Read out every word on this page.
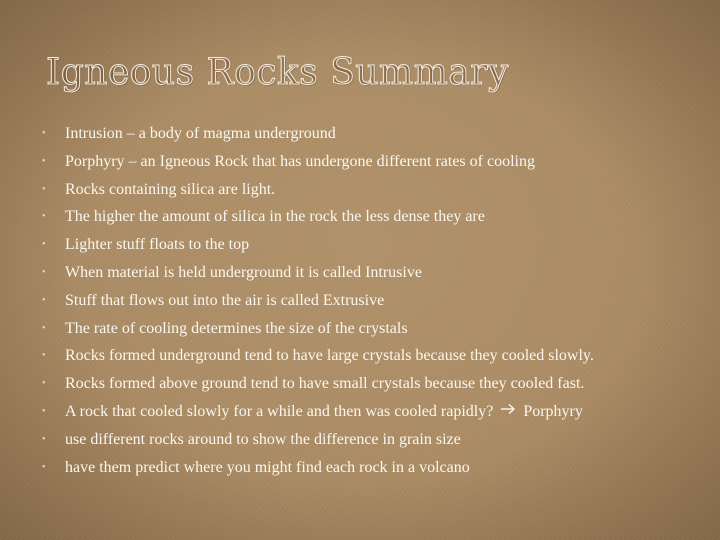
Igneous Rocks Summary
• Intrusion – a body of magma underground
• Porphyry – an Igneous Rock that has undergone different rates of cooling
• Rocks containing silica are light.
• The higher the amount of silica in the rock the less dense they are
• Lighter stuff floats to the top
• When material is held underground it is called Intrusive
• Stuff that flows out into the air is called Extrusive
• The rate of cooling determines the size of the crystals
• Rocks formed underground tend to have large crystals because they cooled slowly.
• Rocks formed above ground tend to have small crystals because they cooled fast.
• A rock that cooled slowly for a while and then was cooled rapidly? Porphyry
• use different rocks around to show the difference in grain size
• have them predict where you might find each rock in a volcano
